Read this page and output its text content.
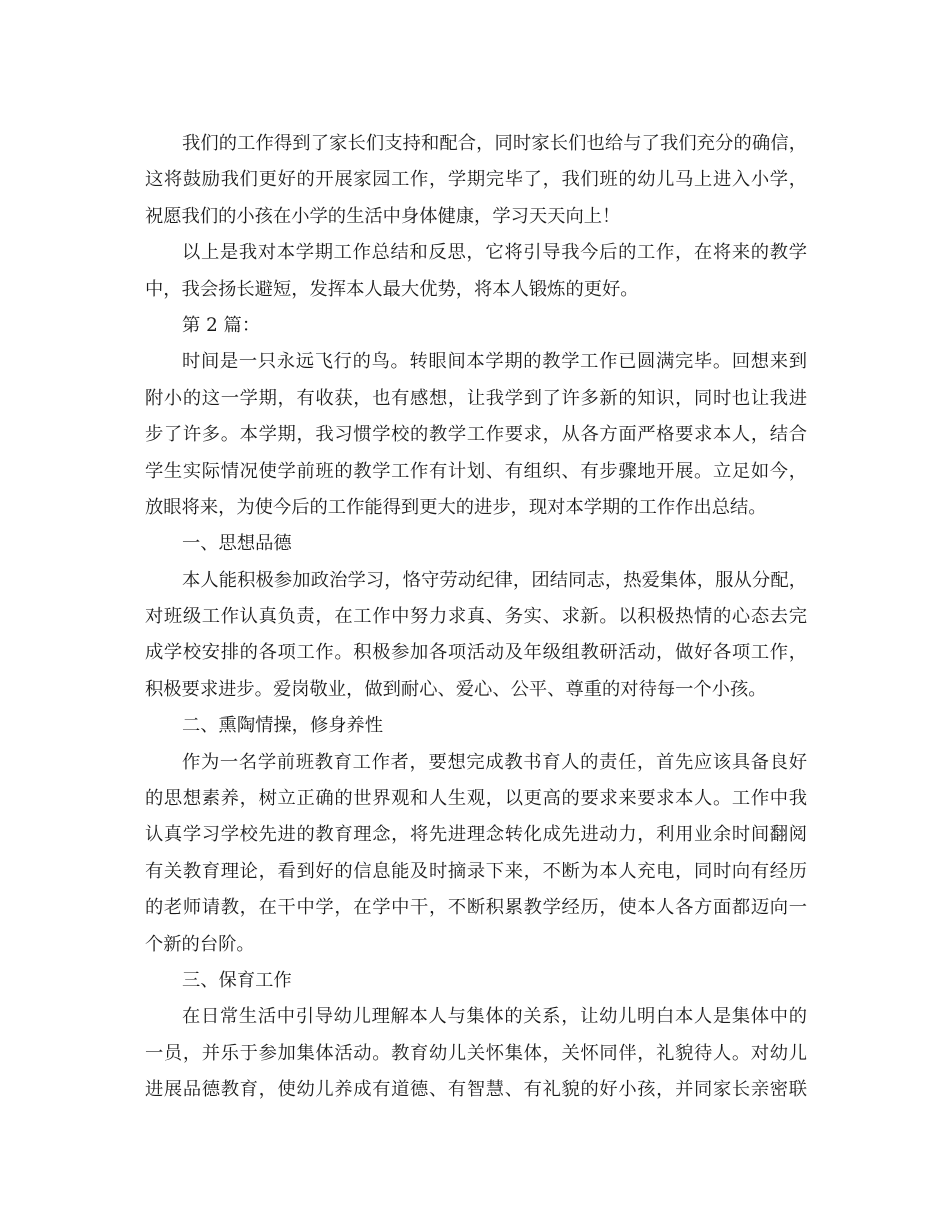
我们的工作得到了家长们支持和配合，同时家长们也给与了我们充分的确信，
这将鼓励我们更好的开展家园工作，学期完毕了，我们班的幼儿马上进入小学，
祝愿我们的小孩在小学的生活中身体健康，学习天天向上！
以上是我对本学期工作总结和反思，它将引导我今后的工作，在将来的教学
中，我会扬长避短，发挥本人最大优势，将本人锻炼的更好。
第 2 篇：
时间是一只永远飞行的鸟。转眼间本学期的教学工作已圆满完毕。回想来到
附小的这一学期，有收获，也有感想，让我学到了许多新的知识，同时也让我进
步了许多。本学期，我习惯学校的教学工作要求，从各方面严格要求本人，结合
学生实际情况使学前班的教学工作有计划、有组织、有步骤地开展。立足如今，
放眼将来，为使今后的工作能得到更大的进步，现对本学期的工作作出总结。
一、思想品德
本人能积极参加政治学习，恪守劳动纪律，团结同志，热爱集体，服从分配，
对班级工作认真负责，在工作中努力求真、务实、求新。以积极热情的心态去完
成学校安排的各项工作。积极参加各项活动及年级组教研活动，做好各项工作，
积极要求进步。爱岗敬业，做到耐心、爱心、公平、尊重的对待每一个小孩。
二、熏陶情操，修身养性
作为一名学前班教育工作者，要想完成教书育人的责任，首先应该具备良好
的思想素养，树立正确的世界观和人生观，以更高的要求来要求本人。工作中我
认真学习学校先进的教育理念，将先进理念转化成先进动力，利用业余时间翻阅
有关教育理论，看到好的信息能及时摘录下来，不断为本人充电，同时向有经历
的老师请教，在干中学，在学中干，不断积累教学经历，使本人各方面都迈向一
个新的台阶。
三、保育工作
在日常生活中引导幼儿理解本人与集体的关系，让幼儿明白本人是集体中的
一员，并乐于参加集体活动。教育幼儿关怀集体，关怀同伴，礼貌待人。对幼儿
进展品德教育，使幼儿养成有道德、有智慧、有礼貌的好小孩，并同家长亲密联
